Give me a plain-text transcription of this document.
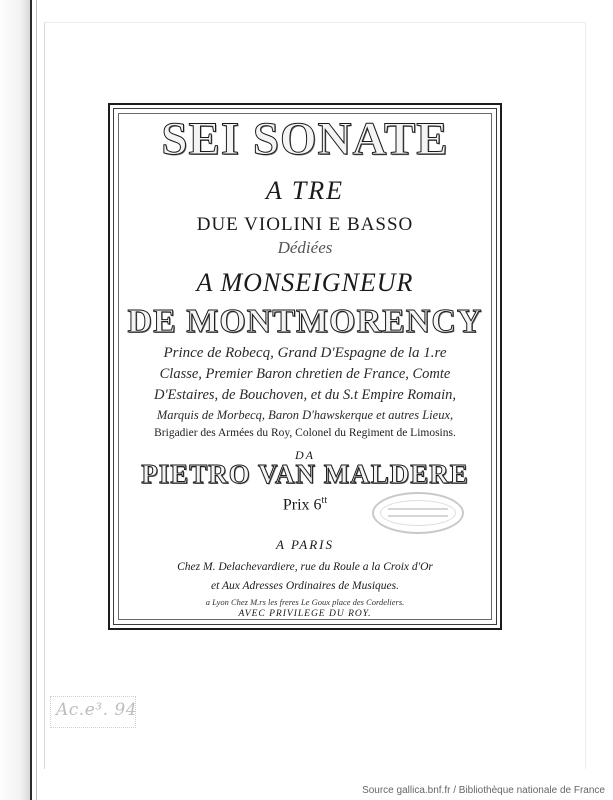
SEI SONATE
A TRE
DUE VIOLINI E BASSO
Dédiées
A MONSEIGNEUR
DE MONTMORENCY
Prince de Robecq, Grand D'Espagne de la 1.re
Classe, Premier Baron chretien de France, Comte
D'Estaires, de Bouchoven, et du S.t Empire Romain,
Marquis de Morbecq, Baron D'hawskerque et autres Lieux,
Brigadier des Armées du Roy, Colonel du Regiment de Limosins.
DA
PIETRO VAN MALDERE
Prix $6^{tt}$
A PARIS
Chez M. Delachevardiere, rue du Roule a la Croix d'Or
et Aux Adresses Ordinaires de Musiques.
a Lyon Chez M.rs les freres Le Goux place des Cordeliers.
AVEC PRIVILEGE DU ROY.
Ac.e³. 94
Source gallica.bnf.fr / Bibliothèque nationale de France
